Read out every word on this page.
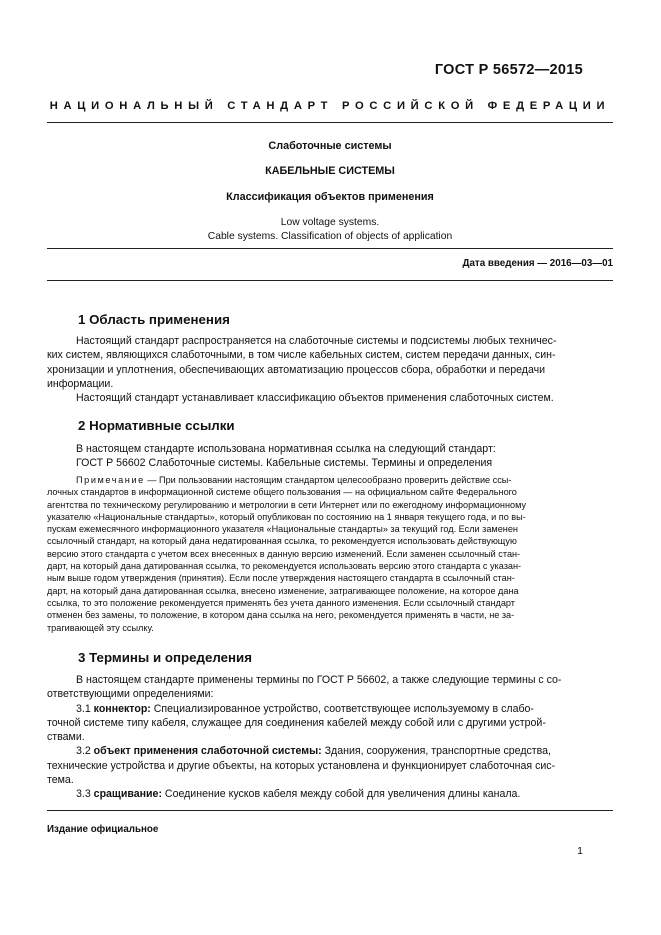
ГОСТ Р 56572—2015
НАЦИОНАЛЬНЫЙ СТАНДАРТ РОССИЙСКОЙ ФЕДЕРАЦИИ
Слаботочные системы
КАБЕЛЬНЫЕ СИСТЕМЫ
Классификация объектов применения
Low voltage systems.
Cable systems. Classification of objects of application
Дата введения — 2016—03—01
1 Область применения
Настоящий стандарт распространяется на слаботочные системы и подсистемы любых техничес-
ких систем, являющихся слаботочными, в том числе кабельных систем, систем передачи данных, син-
хронизации и уплотнения, обеспечивающих автоматизацию процессов сбора, обработки и передачи
информации.
Настоящий стандарт устанавливает классификацию объектов применения слаботочных систем.
2 Нормативные ссылки
В настоящем стандарте использована нормативная ссылка на следующий стандарт:
ГОСТ Р 56602 Слаботочные системы. Кабельные системы. Термины и определения
Примечание — При пользовании настоящим стандартом целесообразно проверить действие ссы-
лочных стандартов в информационной системе общего пользования — на официальном сайте Федерального
агентства по техническому регулированию и метрологии в сети Интернет или по ежегодному информационному
указателю «Национальные стандарты», который опубликован по состоянию на 1 января текущего года, и по вы-
пускам ежемесячного информационного указателя «Национальные стандарты» за текущий год. Если заменен
ссылочный стандарт, на который дана недатированная ссылка, то рекомендуется использовать действующую
версию этого стандарта с учетом всех внесенных в данную версию изменений. Если заменен ссылочный стан-
дарт, на который дана датированная ссылка, то рекомендуется использовать версию этого стандарта с указан-
ным выше годом утверждения (принятия). Если после утверждения настоящего стандарта в ссылочный стан-
дарт, на который дана датированная ссылка, внесено изменение, затрагивающее положение, на которое дана
ссылка, то это положение рекомендуется применять без учета данного изменения. Если ссылочный стандарт
отменен без замены, то положение, в котором дана ссылка на него, рекомендуется применять в части, не за-
трагивающей эту ссылку.
3 Термины и определения
В настоящем стандарте применены термины по ГОСТ Р 56602, а также следующие термины с со-
ответствующими определениями:
3.1 коннектор: Специализированное устройство, соответствующее используемому в слабо-
точной системе типу кабеля, служащее для соединения кабелей между собой или с другими устрой-
ствами.
3.2 объект применения слаботочной системы: Здания, сооружения, транспортные средства,
технические устройства и другие объекты, на которых установлена и функционирует слаботочная сис-
тема.
3.3 сращивание: Соединение кусков кабеля между собой для увеличения длины канала.
Издание официальное
1
